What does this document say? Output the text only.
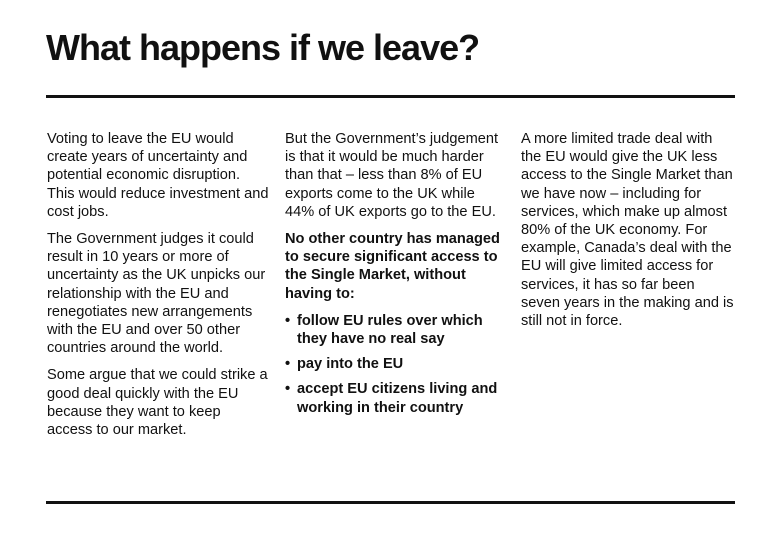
What happens if we leave?

Voting to leave the EU would create years of uncertainty and potential economic disruption. This would reduce investment and cost jobs.

The Government judges it could result in 10 years or more of uncertainty as the UK unpicks our relationship with the EU and renegotiates new arrangements with the EU and over 50 other countries around the world.

Some argue that we could strike a good deal quickly with the EU because they want to keep access to our market.

But the Government’s judgement is that it would be much harder than that – less than 8% of EU exports come to the UK while 44% of UK exports go to the EU.

No other country has managed to secure significant access to the Single Market, without having to:

• follow EU rules over which they have no real say
• pay into the EU
• accept EU citizens living and working in their country

A more limited trade deal with the EU would give the UK less access to the Single Market than we have now – including for services, which make up almost 80% of the UK economy. For example, Canada’s deal with the EU will give limited access for services, it has so far been seven years in the making and is still not in force.
